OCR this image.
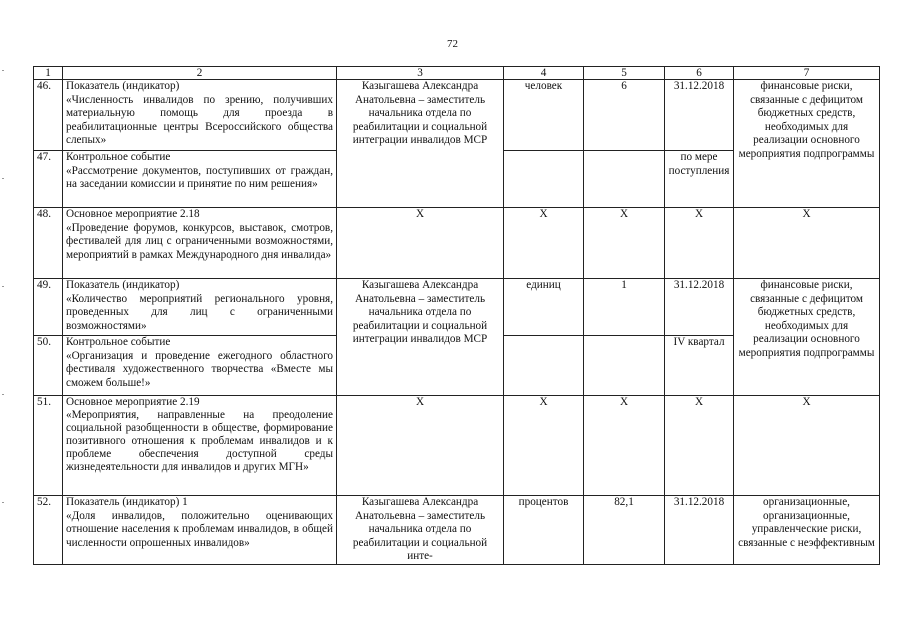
72
1	2	3	4	5	6	7
46.	Показатель (индикатор)
«Численность инвалидов по зрению, получивших материальную помощь для проезда в реабилитационные центры Всероссийского общества слепых»	Казыгашева Александра Анатольевна – заместитель начальника отдела по реабилитации и социальной интеграции инвалидов МСР	человек	6	31.12.2018	финансовые риски, связанные с дефицитом бюджетных средств, необходимых для реализации основного мероприятия подпрограммы
47.	Контрольное событие
«Рассмотрение документов, поступивших от граждан, на заседании комиссии и принятие по ним решения»				по мере поступления	
48.	Основное мероприятие 2.18
«Проведение форумов, конкурсов, выставок, смотров, фестивалей для лиц с ограниченными возможностями, мероприятий в рамках Международного дня инвалида»	Х	Х	Х	Х	Х
49.	Показатель (индикатор)
«Количество мероприятий регионального уровня, проведенных для лиц с ограниченными возможностями»	Казыгашева Александра Анатольевна – заместитель начальника отдела по реабилитации и социальной интеграции инвалидов МСР	единиц	1	31.12.2018	финансовые риски, связанные с дефицитом бюджетных средств, необходимых для реализации основного мероприятия подпрограммы
50.	Контрольное событие
«Организация и проведение ежегодного областного фестиваля художественного творчества «Вместе мы сможем больше!»				IV квартал	
51.	Основное мероприятие 2.19
«Мероприятия, направленные на преодоление социальной разобщенности в обществе, формирование позитивного отношения к проблемам инвалидов и к проблеме обеспечения доступной среды жизнедеятельности для инвалидов и других МГН»	Х	Х	Х	Х	Х
52.	Показатель (индикатор) 1
«Доля инвалидов, положительно оценивающих отношение населения к проблемам инвалидов, в общей численности опрошенных инвалидов»	Казыгашева Александра Анатольевна – заместитель начальника отдела по реабилитации и социальной инте-	процентов	82,1	31.12.2018	организационные, организационные, управленческие риски, связанные с неэффективным
